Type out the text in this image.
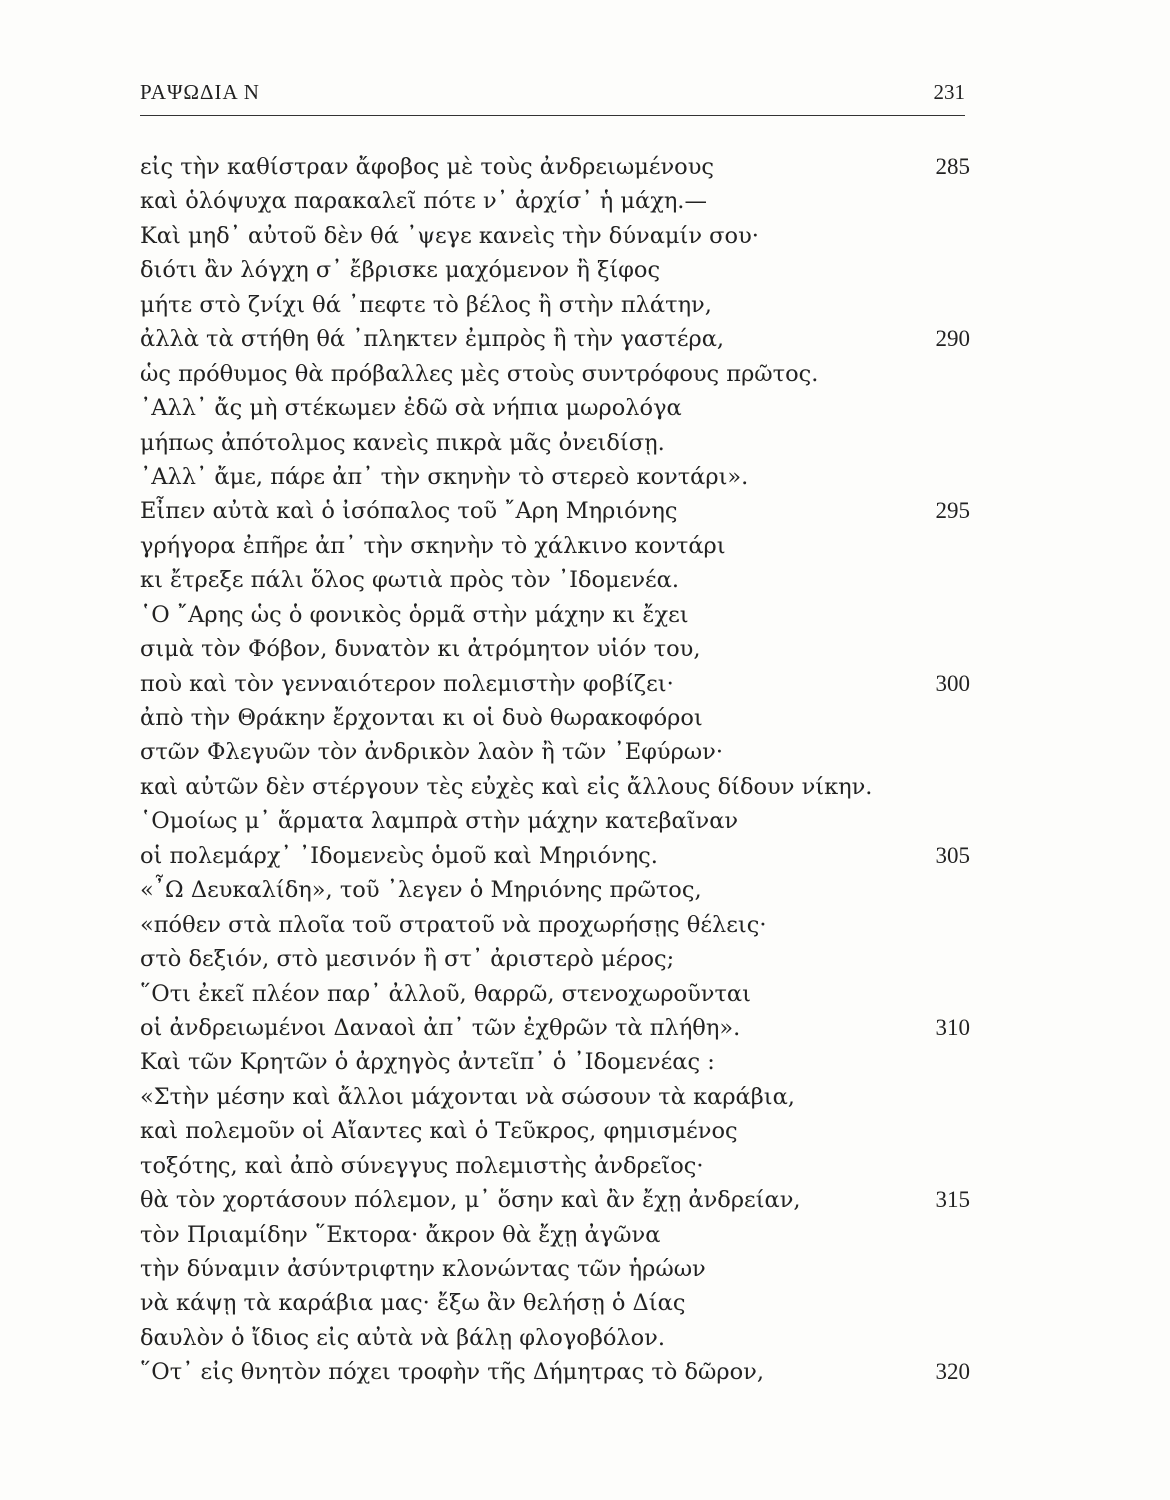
ΡΑΨΩΔΙΑ Ν	231
εἰς τὴν καθίστραν ἄφοβος μὲ τοὺς ἀνδρειωμένους	285
καὶ ὁλόψυχα παρακαλεῖ πότε ν᾽ ἀρχίσ᾽ ἡ μάχη.—
Καὶ μηδ᾽ αὐτοῦ δὲν θά ᾽ψεγε κανεὶς τὴν δύναμίν σου·
διότι ἂν λόγχη σ᾽ ἔβρισκε μαχόμενον ἢ ξίφος
μήτε στὸ ζνίχι θά ᾽πεφτε τὸ βέλος ἢ στὴν πλάτην,
ἀλλὰ τὰ στήθη θά ᾽πληκτεν ἐμπρὸς ἢ τὴν γαστέρα,	290
ὡς πρόθυμος θὰ πρόβαλλες μὲς στοὺς συντρόφους πρῶτος.
᾽Αλλ᾽ ἄς μὴ στέκωμεν ἐδῶ σὰ νήπια μωρολόγα
μήπως ἀπότολμος κανεὶς πικρὰ μᾶς ὀνειδίσῃ.
᾽Αλλ᾽ ἄμε, πάρε ἀπ᾽ τὴν σκηνὴν τὸ στερεὸ κοντάρι».
Εἶπεν αὐτὰ καὶ ὁ ἰσόπαλος τοῦ ῎Αρη Μηριόνης	295
γρήγορα ἐπῆρε ἀπ᾽ τὴν σκηνὴν τὸ χάλκινο κοντάρι
κι ἔτρεξε πάλι ὅλος φωτιὰ πρὸς τὸν ᾽Ιδομενέα.
῾Ο ῎Αρης ὡς ὁ φονικὸς ὁρμᾶ στὴν μάχην κι ἔχει
σιμὰ τὸν Φόβον, δυνατὸν κι ἀτρόμητον υἱόν του,
ποὺ καὶ τὸν γενναιότερον πολεμιστὴν φοβίζει·	300
ἀπὸ τὴν Θράκην ἔρχονται κι οἱ δυὸ θωρακοφόροι
στῶν Φλεγυῶν τὸν ἀνδρικὸν λαὸν ἢ τῶν ᾽Εφύρων·
καὶ αὐτῶν δὲν στέργουν τὲς εὐχὲς καὶ εἰς ἄλλους δίδουν νίκην.
῾Ομοίως μ᾽ ἅρματα λαμπρὰ στὴν μάχην κατεβαῖναν
οἱ πολεμάρχ᾽ ᾽Ιδομενεὺς ὁμοῦ καὶ Μηριόνης.	305
«῏Ω Δευκαλίδη», τοῦ ᾽λεγεν ὁ Μηριόνης πρῶτος,
«πόθεν στὰ πλοῖα τοῦ στρατοῦ νὰ προχωρήσῃς θέλεις·
στὸ δεξιόν, στὸ μεσινόν ἢ στ᾽ ἀριστερὸ μέρος;
῞Οτι ἐκεῖ πλέον παρ᾽ ἀλλοῦ, θαρρῶ, στενοχωροῦνται
οἱ ἀνδρειωμένοι Δαναοὶ ἀπ᾽ τῶν ἐχθρῶν τὰ πλήθη».	310
Καὶ τῶν Κρητῶν ὁ ἀρχηγὸς ἀντεῖπ᾽ ὁ ᾽Ιδομενέας :
«Στὴν μέσην καὶ ἄλλοι μάχονται νὰ σώσουν τὰ καράβια,
καὶ πολεμοῦν οἱ Αἴαντες καὶ ὁ Τεῦκρος, φημισμένος
τοξότης, καὶ ἀπὸ σύνεγγυς πολεμιστὴς ἀνδρεῖος·
θὰ τὸν χορτάσουν πόλεμον, μ᾽ ὅσην καὶ ἂν ἔχῃ ἀνδρείαν,	315
τὸν Πριαμίδην ῞Εκτορα· ἄκρον θὰ ἔχῃ ἀγῶνα
τὴν δύναμιν ἀσύντριφτην κλονώντας τῶν ἡρώων
νὰ κάψῃ τὰ καράβια μας· ἔξω ἂν θελήσῃ ὁ Δίας
δαυλὸν ὁ ἴδιος εἰς αὐτὰ νὰ βάλῃ φλογοβόλον.
῞Οτ᾽ εἰς θνητὸν πόχει τροφὴν τῆς Δήμητρας τὸ δῶρον,	320
